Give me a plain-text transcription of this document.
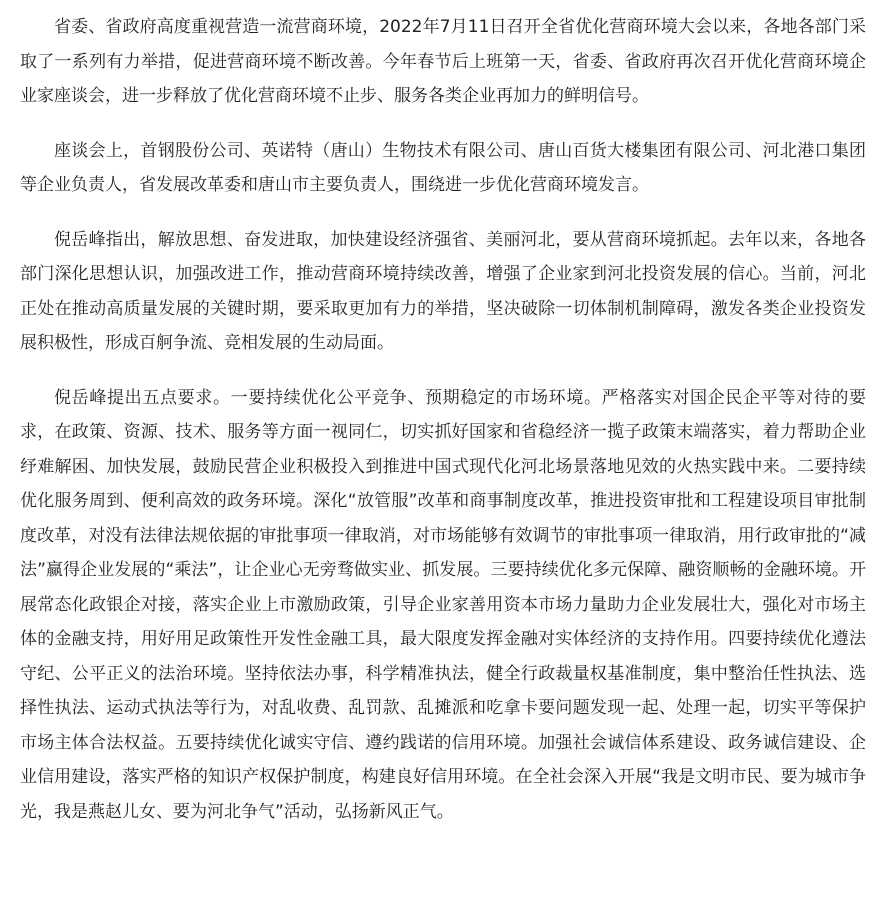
省委、省政府高度重视营造一流营商环境，2022年7月11日召开全省优化营商环境大会以来，各地各部门采取了一系列有力举措，促进营商环境不断改善。今年春节后上班第一天，省委、省政府再次召开优化营商环境企业家座谈会，进一步释放了优化营商环境不止步、服务各类企业再加力的鲜明信号。

座谈会上，首钢股份公司、英诺特（唐山）生物技术有限公司、唐山百货大楼集团有限公司、河北港口集团等企业负责人，省发展改革委和唐山市主要负责人，围绕进一步优化营商环境发言。

倪岳峰指出，解放思想、奋发进取，加快建设经济强省、美丽河北，要从营商环境抓起。去年以来，各地各部门深化思想认识，加强改进工作，推动营商环境持续改善，增强了企业家到河北投资发展的信心。当前，河北正处在推动高质量发展的关键时期，要采取更加有力的举措，坚决破除一切体制机制障碍，激发各类企业投资发展积极性，形成百舸争流、竞相发展的生动局面。

倪岳峰提出五点要求。一要持续优化公平竞争、预期稳定的市场环境。严格落实对国企民企平等对待的要求，在政策、资源、技术、服务等方面一视同仁，切实抓好国家和省稳经济一揽子政策末端落实，着力帮助企业纾难解困、加快发展，鼓励民营企业积极投入到推进中国式现代化河北场景落地见效的火热实践中来。二要持续优化服务周到、便利高效的政务环境。深化“放管服”改革和商事制度改革，推进投资审批和工程建设项目审批制度改革，对没有法律法规依据的审批事项一律取消，对市场能够有效调节的审批事项一律取消，用行政审批的“减法”赢得企业发展的“乘法”，让企业心无旁骛做实业、抓发展。三要持续优化多元保障、融资顺畅的金融环境。开展常态化政银企对接，落实企业上市激励政策，引导企业家善用资本市场力量助力企业发展壮大，强化对市场主体的金融支持，用好用足政策性开发性金融工具，最大限度发挥金融对实体经济的支持作用。四要持续优化遵法守纪、公平正义的法治环境。坚持依法办事，科学精准执法，健全行政裁量权基准制度，集中整治任性执法、选择性执法、运动式执法等行为，对乱收费、乱罚款、乱摊派和吃拿卡要问题发现一起、处理一起，切实平等保护市场主体合法权益。五要持续优化诚实守信、遵约践诺的信用环境。加强社会诚信体系建设、政务诚信建设、企业信用建设，落实严格的知识产权保护制度，构建良好信用环境。在全社会深入开展“我是文明市民、要为城市争光，我是燕赵儿女、要为河北争气”活动，弘扬新风正气。
